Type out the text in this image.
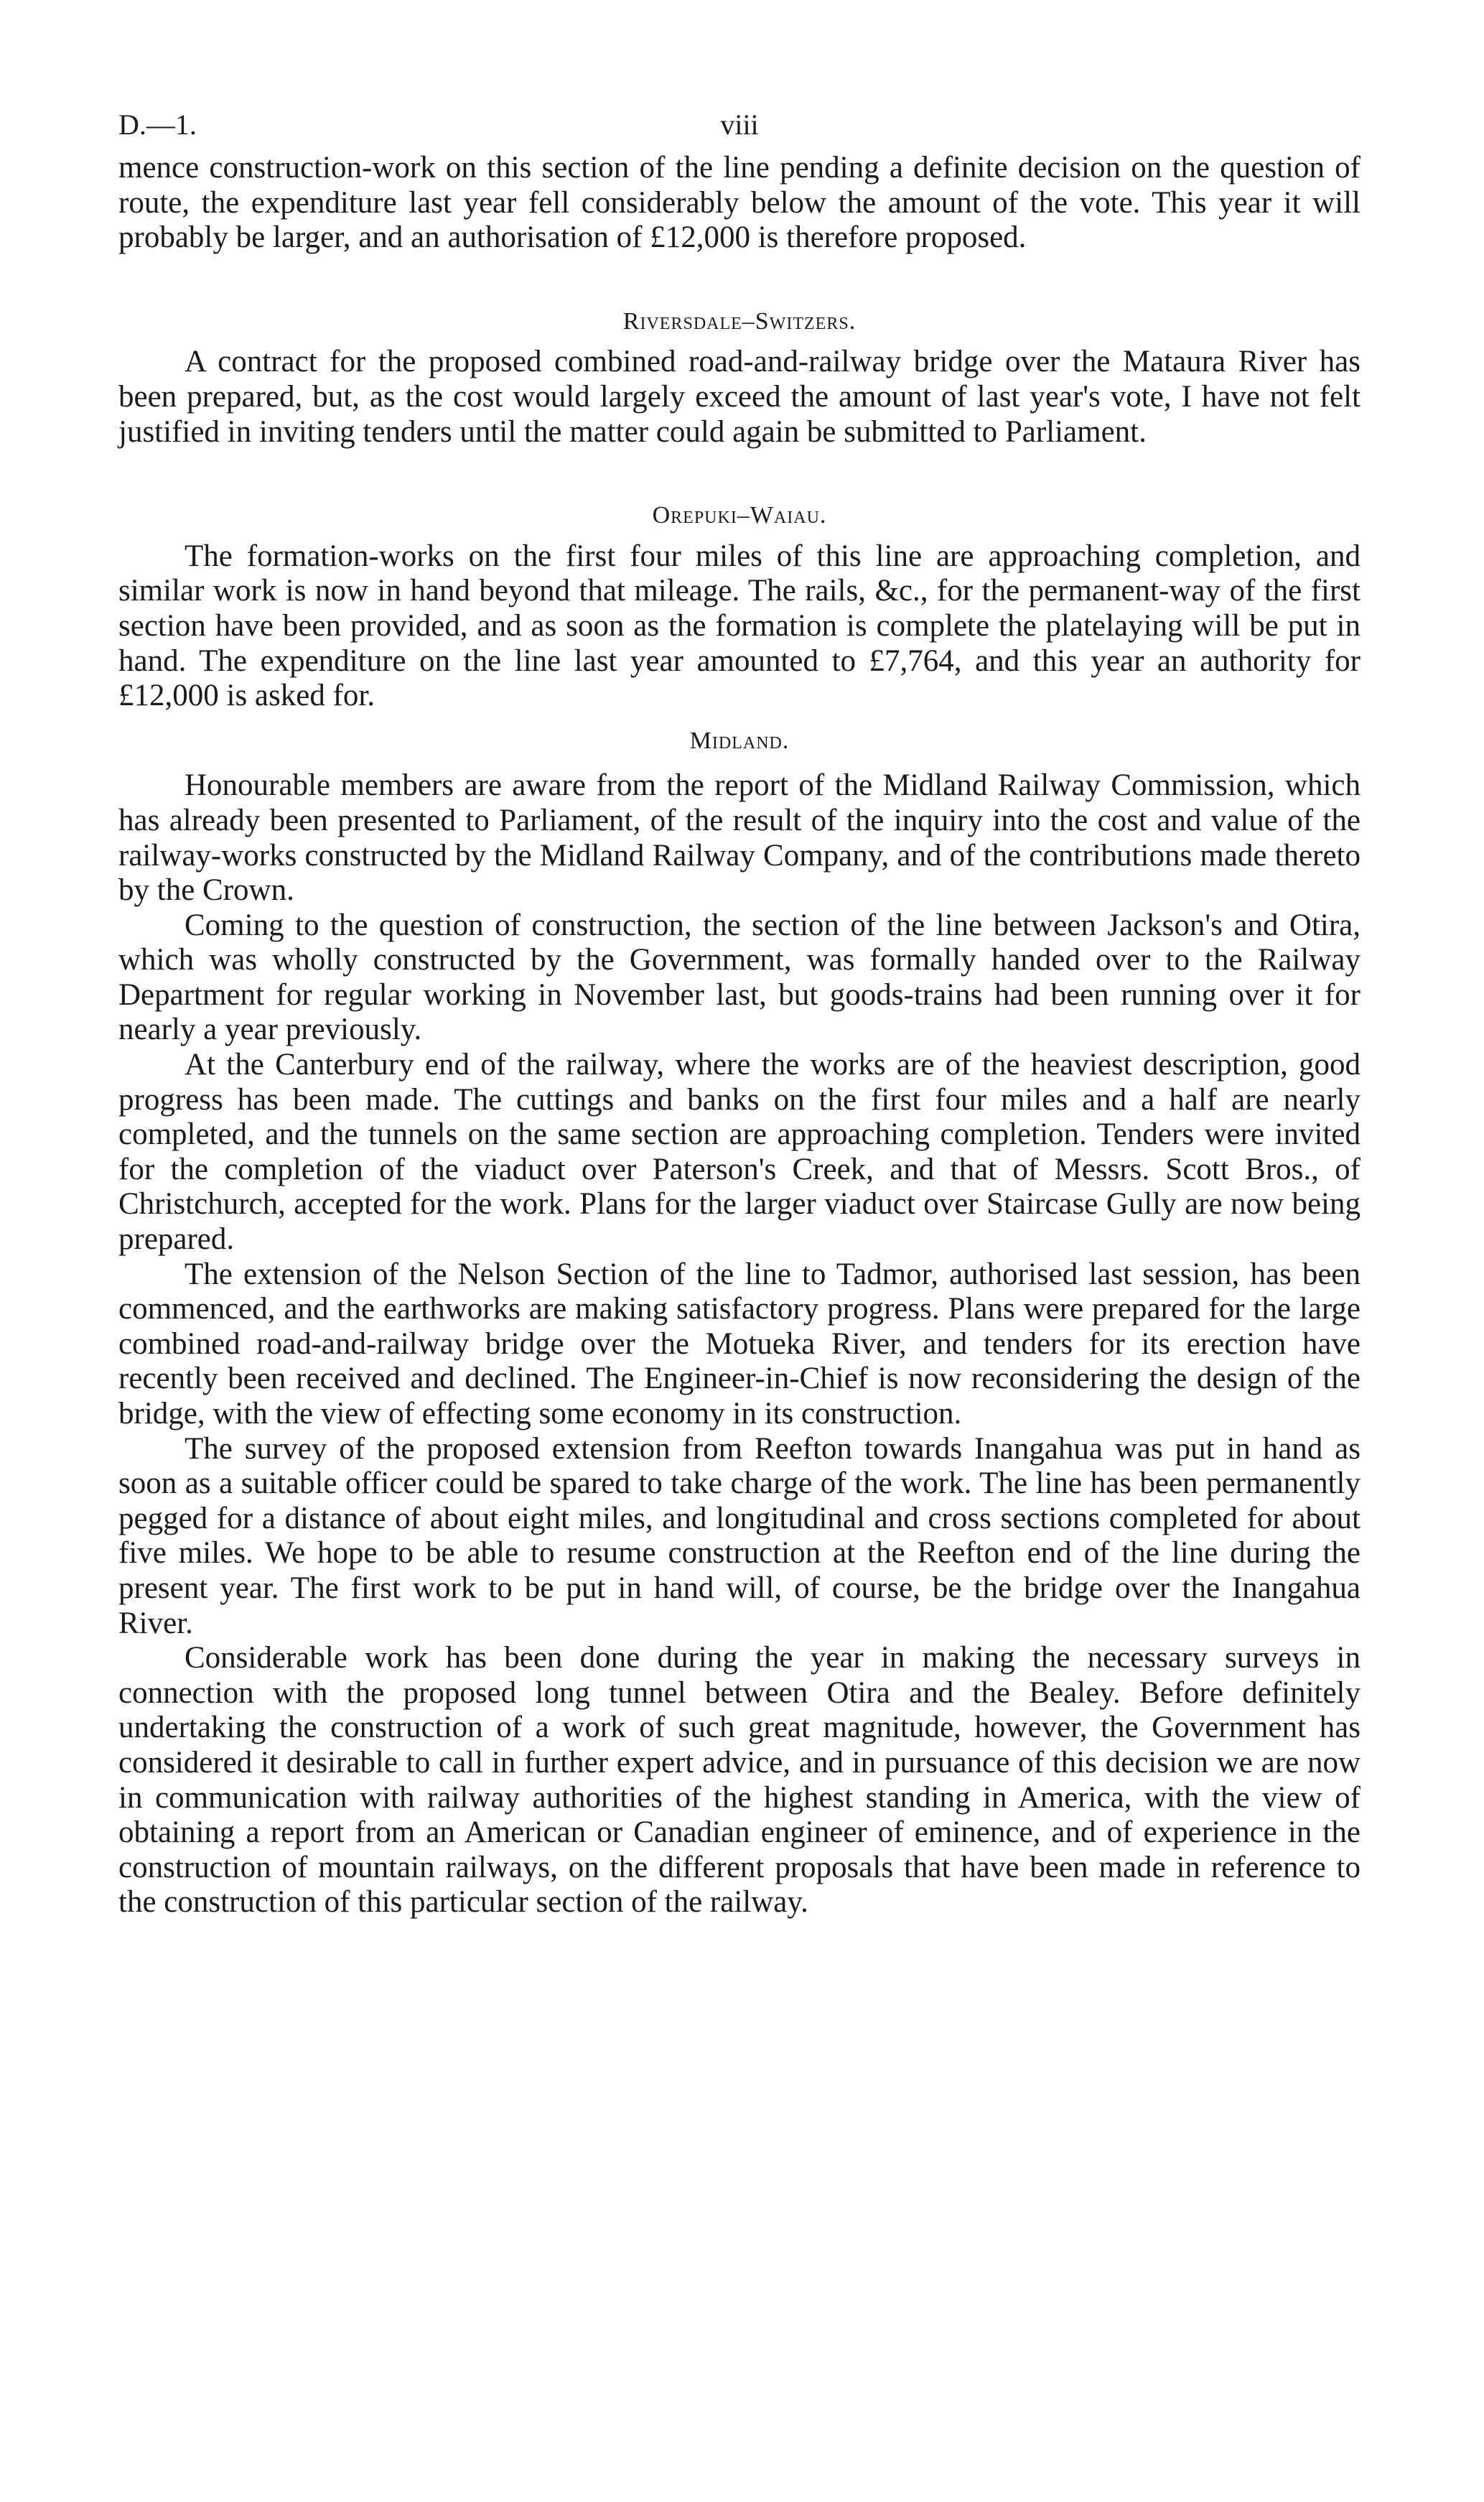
D.—1.	viii

mence construction-work on this section of the line pending a definite decision on the question of route, the expenditure last year fell considerably below the amount of the vote. This year it will probably be larger, and an authorisation of £12,000 is therefore proposed.

Riversdale–Switzers.

A contract for the proposed combined road-and-railway bridge over the Mataura River has been prepared, but, as the cost would largely exceed the amount of last year's vote, I have not felt justified in inviting tenders until the matter could again be submitted to Parliament.

Orepuki–Waiau.

The formation-works on the first four miles of this line are approaching completion, and similar work is now in hand beyond that mileage. The rails, &c., for the permanent-way of the first section have been provided, and as soon as the formation is complete the platelaying will be put in hand. The expenditure on the line last year amounted to £7,764, and this year an authority for £12,000 is asked for.

Midland.

Honourable members are aware from the report of the Midland Railway Commission, which has already been presented to Parliament, of the result of the inquiry into the cost and value of the railway-works constructed by the Midland Railway Company, and of the contributions made thereto by the Crown.

Coming to the question of construction, the section of the line between Jackson's and Otira, which was wholly constructed by the Government, was formally handed over to the Railway Department for regular working in November last, but goods-trains had been running over it for nearly a year previously.

At the Canterbury end of the railway, where the works are of the heaviest description, good progress has been made. The cuttings and banks on the first four miles and a half are nearly completed, and the tunnels on the same section are approaching completion. Tenders were invited for the completion of the viaduct over Paterson's Creek, and that of Messrs. Scott Bros., of Christchurch, accepted for the work. Plans for the larger viaduct over Staircase Gully are now being prepared.

The extension of the Nelson Section of the line to Tadmor, authorised last session, has been commenced, and the earthworks are making satisfactory progress. Plans were prepared for the large combined road-and-railway bridge over the Motueka River, and tenders for its erection have recently been received and declined. The Engineer-in-Chief is now reconsidering the design of the bridge, with the view of effecting some economy in its construction.

The survey of the proposed extension from Reefton towards Inangahua was put in hand as soon as a suitable officer could be spared to take charge of the work. The line has been permanently pegged for a distance of about eight miles, and longitudinal and cross sections completed for about five miles. We hope to be able to resume construction at the Reefton end of the line during the present year. The first work to be put in hand will, of course, be the bridge over the Inangahua River.

Considerable work has been done during the year in making the necessary surveys in connection with the proposed long tunnel between Otira and the Bealey. Before definitely undertaking the construction of a work of such great magnitude, however, the Government has considered it desirable to call in further expert advice, and in pursuance of this decision we are now in communication with railway authorities of the highest standing in America, with the view of obtaining a report from an American or Canadian engineer of eminence, and of experience in the construction of mountain railways, on the different proposals that have been made in reference to the construction of this particular section of the railway.
